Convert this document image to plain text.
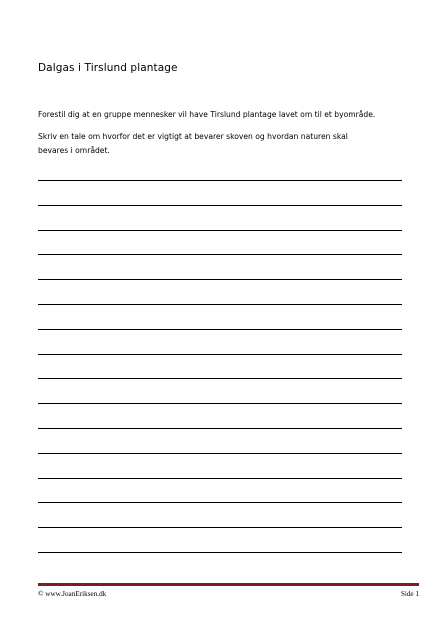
Dalgas i Tirslund plantage
Forestil dig at en gruppe mennesker vil have Tirslund plantage lavet om til et byområde.
Skriv en tale om hvorfor det er vigtigt at bevarer skoven og hvordan naturen skal
bevares i området.
© www.JoanEriksen.dk	Side 1
